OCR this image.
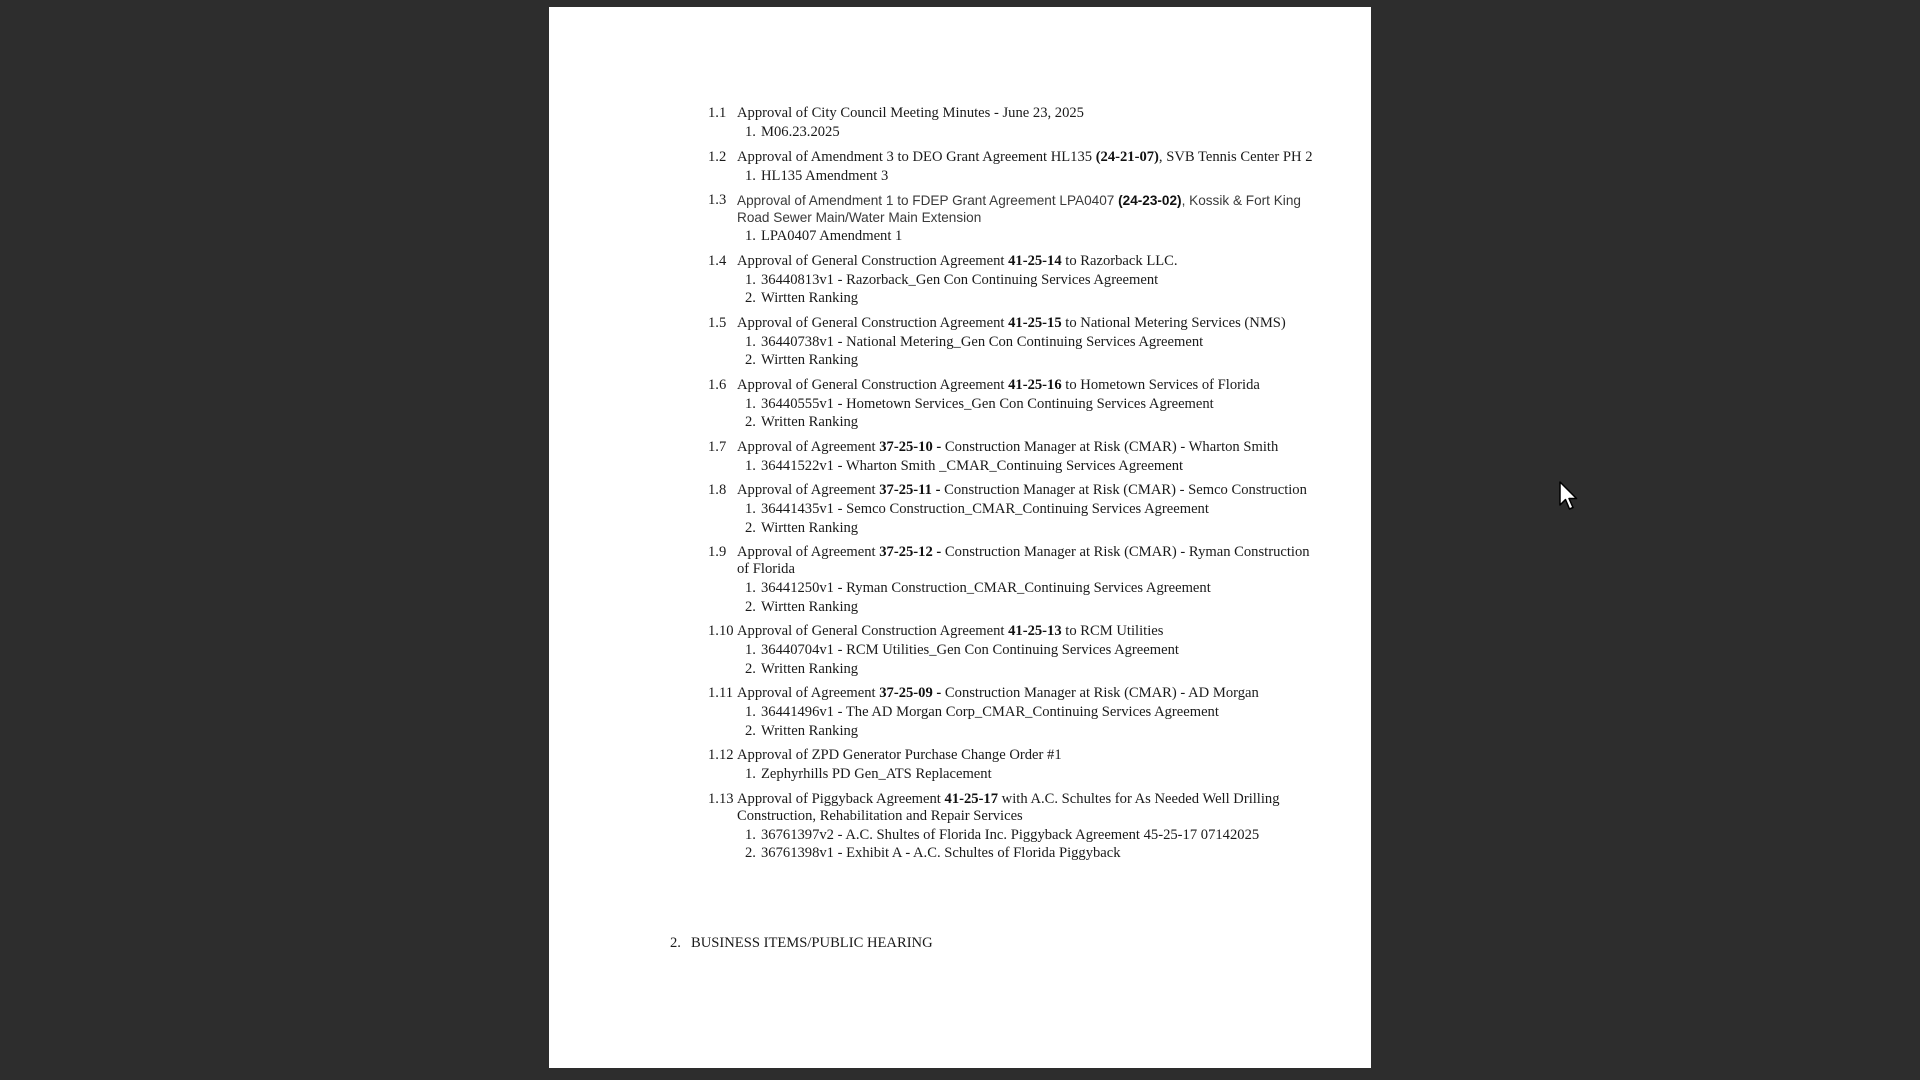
1.1 Approval of City Council Meeting Minutes - June 23, 2025
1. M06.23.2025
1.2 Approval of Amendment 3 to DEO Grant Agreement HL135 (24-21-07), SVB Tennis Center PH 2
1. HL135 Amendment 3
1.3 Approval of Amendment 1 to FDEP Grant Agreement LPA0407 (24-23-02), Kossik & Fort King Road Sewer Main/Water Main Extension
1. LPA0407 Amendment 1
1.4 Approval of General Construction Agreement 41-25-14 to Razorback LLC.
1. 36440813v1 - Razorback_Gen Con Continuing Services Agreement
2. Wirtten Ranking
1.5 Approval of General Construction Agreement 41-25-15 to National Metering Services (NMS)
1. 36440738v1 - National Metering_Gen Con Continuing Services Agreement
2. Wirtten Ranking
1.6 Approval of General Construction Agreement 41-25-16 to Hometown Services of Florida
1. 36440555v1 - Hometown Services_Gen Con Continuing Services Agreement
2. Written Ranking
1.7 Approval of Agreement 37-25-10 - Construction Manager at Risk (CMAR) - Wharton Smith
1. 36441522v1 - Wharton Smith _CMAR_Continuing Services Agreement
1.8 Approval of Agreement 37-25-11 - Construction Manager at Risk (CMAR) - Semco Construction
1. 36441435v1 - Semco Construction_CMAR_Continuing Services Agreement
2. Wirtten Ranking
1.9 Approval of Agreement 37-25-12 - Construction Manager at Risk (CMAR) - Ryman Construction of Florida
1. 36441250v1 - Ryman Construction_CMAR_Continuing Services Agreement
2. Wirtten Ranking
1.10 Approval of General Construction Agreement 41-25-13 to RCM Utilities
1. 36440704v1 - RCM Utilities_Gen Con Continuing Services Agreement
2. Written Ranking
1.11 Approval of Agreement 37-25-09 - Construction Manager at Risk (CMAR) - AD Morgan
1. 36441496v1 - The AD Morgan Corp_CMAR_Continuing Services Agreement
2. Written Ranking
1.12 Approval of ZPD Generator Purchase Change Order #1
1. Zephyrhills PD Gen_ATS Replacement
1.13 Approval of Piggyback Agreement 41-25-17 with A.C. Schultes for As Needed Well Drilling Construction, Rehabilitation and Repair Services
1. 36761397v2 - A.C. Shultes of Florida Inc. Piggyback Agreement 45-25-17 07142025
2. 36761398v1 - Exhibit A - A.C. Schultes of Florida Piggyback
2. BUSINESS ITEMS/PUBLIC HEARING
